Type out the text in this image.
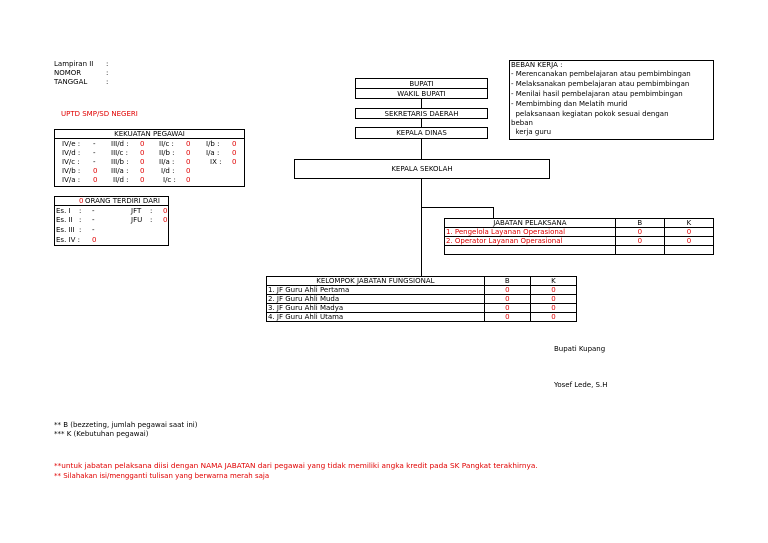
Lampiran II :
NOMOR	:
TANGGAL	:
UPTD SMP/SD NEGERI
BEBAN KERJA :
- Merencanakan pembelajaran atau pembimbingan
- Melaksanakan pembelajaran atau pembimbingan
- Menilai hasil pembelajaran atau pembimbingan
- Membimbing dan Melatih murid
pelaksanaan kegiatan pokok sesuai dengan
beban
kerja guru
BUPATI
WAKIL BUPATI
SEKRETARIS DAERAH
KEPALA DINAS
KEPALA SEKOLAH
KEKUATAN PEGAWAI
IV/e : - III/d : 0 II/c : 0 I/b : 0
IV/d : - III/c : 0 II/b : 0 I/a : 0
IV/c : - III/b : 0 II/a : 0	IX : 0
IV/b : 0 III/a : 0 I/d : 0
IV/a : 0 II/d : 0	I/c : 0
0 ORANG TERDIRI DARI
Es. I : -	JFT : 0
Es. II : -	JFU : 0
Es. III : -
Es. IV : 0
JABATAN PELAKSANA	B	K
1. Pengelola Layanan Operasional	0	0
2. Operator Layanan Operasional	0	0

KELOMPOK JABATAN FUNGSIONAL	B	K
1. JF Guru Ahli Pertama	0	0
2. JF Guru Ahli Muda	0	0
3. JF Guru Ahli Madya	0	0
4. JF Guru Ahli Utama	0	0
Bupati Kupang
Yosef Lede, S.H
** B (bezzeting, jumlah pegawai saat ini)
*** K (Kebutuhan pegawai)
**untuk jabatan pelaksana diisi dengan NAMA JABATAN dari pegawai yang tidak memiliki angka kredit pada SK Pangkat terakhirnya.
** Silahakan isi/mengganti tulisan yang berwarna merah saja
